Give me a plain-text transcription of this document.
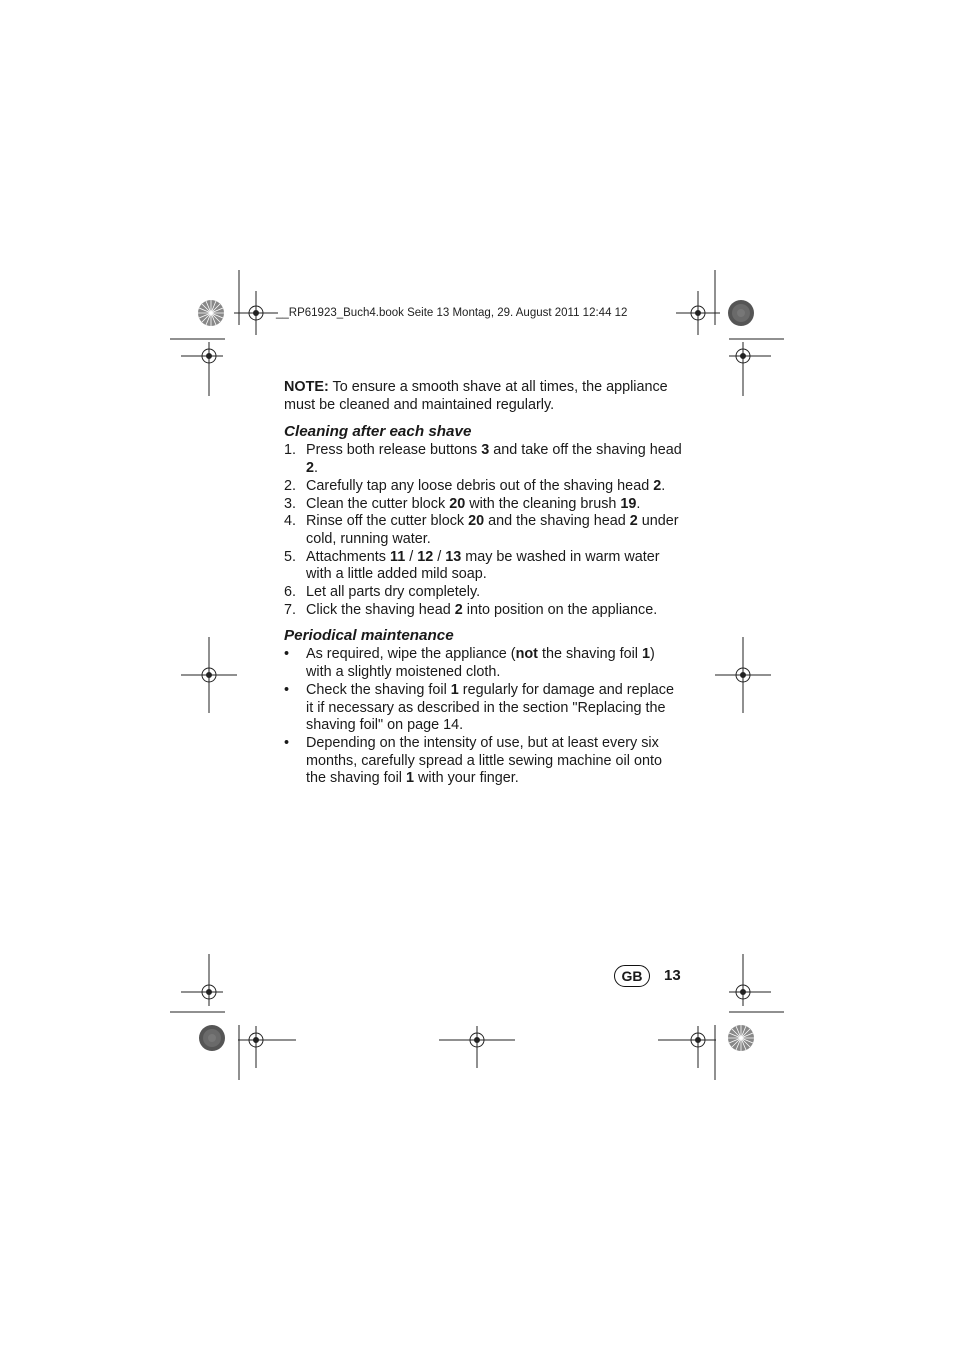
__RP61923_Buch4.book Seite 13 Montag, 29. August 2011 12:44 12

NOTE: To ensure a smooth shave at all times, the appliance must be cleaned and maintained regularly.

Cleaning after each shave
1. Press both release buttons 3 and take off the shaving head 2.
2. Carefully tap any loose debris out of the shaving head 2.
3. Clean the cutter block 20 with the cleaning brush 19.
4. Rinse off the cutter block 20 and the shaving head 2 under cold, running water.
5. Attachments 11 / 12 / 13 may be washed in warm water with a little added mild soap.
6. Let all parts dry completely.
7. Click the shaving head 2 into position on the appliance.
Periodical maintenance
• As required, wipe the appliance (not the shaving foil 1) with a slightly moistened cloth.
• Check the shaving foil 1 regularly for damage and replace it if necessary as described in the section "Replacing the shaving foil" on page 14.
• Depending on the intensity of use, but at least every six months, carefully spread a little sewing machine oil onto the shaving foil 1 with your finger.
GB	13
